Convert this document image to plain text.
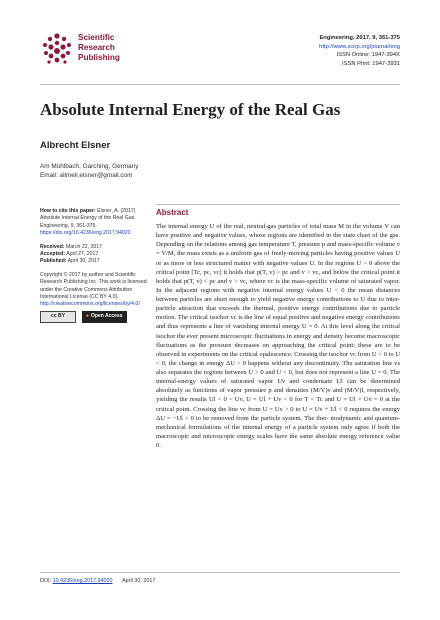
Scientific
Research
Publishing
Engineering, 2017, 9, 361-375
http://www.scirp.org/journal/eng
ISSN Online: 1947-394X
ISSN Print: 1947-3931
Absolute Internal Energy of the Real Gas
Albrecht Elsner
Am Mühlbach, Garching, Germany
Email: allmeli.elsner@gmail.com
How to cite this paper: Elsner, A. (2017) Absolute Internal Energy of the Real Gas. Engineering, 9, 361-375.
https://doi.org/10.4236/eng.2017.94020
Received: March 22, 2017
Accepted: April 27, 2017
Published: April 30, 2017
Copyright © 2017 by author and Scientific Research Publishing Inc. This work is licensed under the Creative Commons Attribution International License (CC BY 4.0).
http://creativecommons.org/licenses/by/4.0/
cc BY	● Open Access
Abstract

The internal energy U of the real, neutral-gas particles of total mass M in the volume V can have positive and negative values, whose regions are identified in the state chart of the gas. Depending on the relations among gas temperature T, pressure p and mass-specific volume v = V/M, the mass exists as a uniform gas of freely-moving particles having positive values U or as more or less structured matter with negative values U. In the regions U > 0 above the critical point [Tc, pc, vc] it holds that p(T, v) > pc and v > vc, and below the critical point it holds that p(T, v) < pc and v > vc, where vc is the mass-specific volume of saturated vapor. In the adjacent regions with negative internal energy values U < 0 the mean distances between particles are short enough to yield negative energy contributions to U due to inter- particle attraction that exceeds the thermal, positive energy contributions due to particle motion. The critical isochor vc is the line of equal positive and negative energy contributions and thus represents a line of vanishing internal energy U = 0. At this level along the critical isochor the ever present microscopic fluctuations in energy and density become macroscopic fluctuations as the pressure decreases on approaching the critical point; these are to be observed in experiments on the critical opalescence. Crossing the isochor vc from U > 0 to U < 0, the change in energy ΔU > 0 happens without any discontinuity. The saturation line vs also separates the regions between U > 0 and U < 0, but does not represent a line U = 0. The internal-energy values of saturated vapor Uv and condensate Ul can be determined absolutely as functions of vapor pressure p and densities (M/V)v and (M/V)l, respectively, yielding the results Ul < 0 < Uv, U = Ul + Uv < 0 for T < Tc and U = Ul = Uv = 0 at the critical point. Crossing the line vc from U = Uv > 0 to U = Uv + Ul < 0 requires the energy ΔU = −Ul > 0 to be removed from the particle system. The ther- modynamic and quantum-mechanical formulations of the internal energy of a particle system only agree if both the macroscopic and microscopic energy scales have the same absolute energy reference value 0.

DOI: 10.4236/eng.2017.94020 April 30, 2017
